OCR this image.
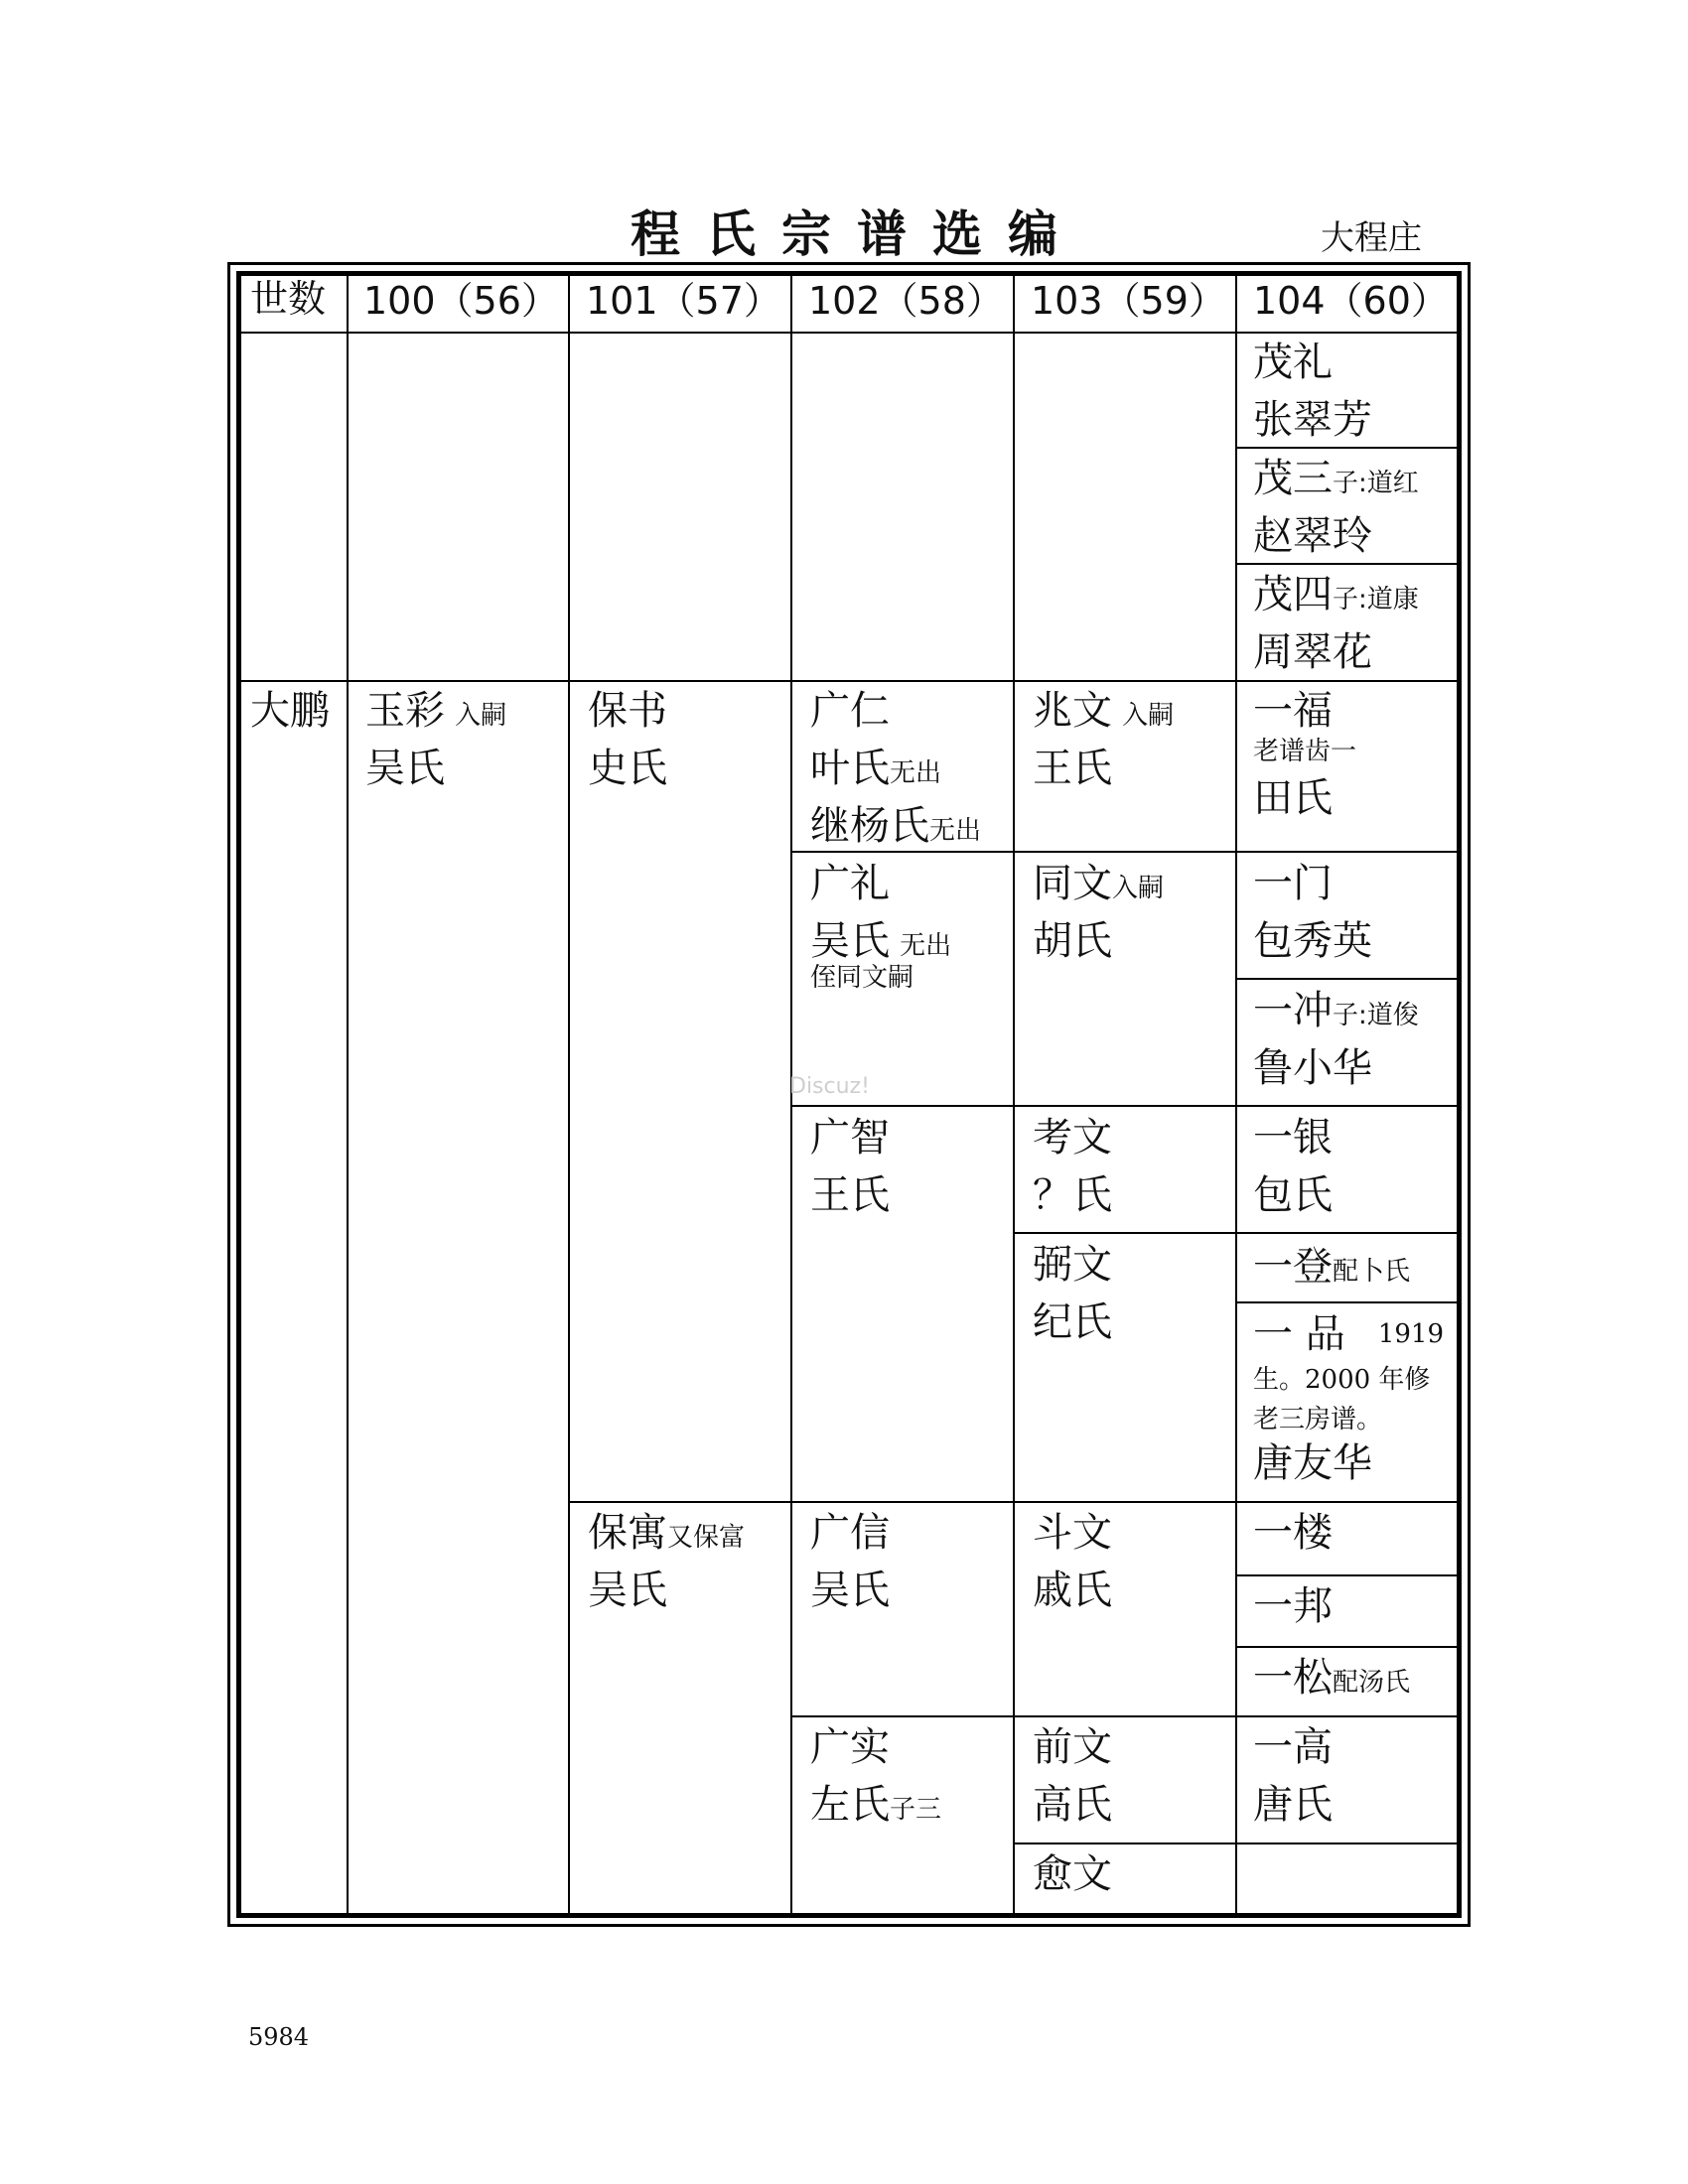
程氏宗谱选编	大程庄
世数 100（56） 101（57） 102（58） 103（59） 104（60）
茂礼
张翠芳
茂三子:道红
赵翠玲
茂四子:道康
周翠花
大鹏 玉彩 入嗣
吴氏
保书
史氏
广仁
叶氏无出
继杨氏无出
兆文 入嗣
王氏
一福
老谱齿一
田氏
广礼
吴氏 无出
侄同文嗣
同文入嗣
胡氏
一门
包秀英
一冲子:道俊
鲁小华
Discuz!
广智
王氏
考文
？氏
一银
包氏
弼文
纪氏
一登配卜氏
一 品 1919
生。2000 年修
老三房谱。
唐友华
保寓又保富
吴氏
广信
吴氏
斗文
戚氏
一楼
一邦
一松配汤氏
广实
左氏子三
前文
高氏
一高
唐氏
愈文
5984
